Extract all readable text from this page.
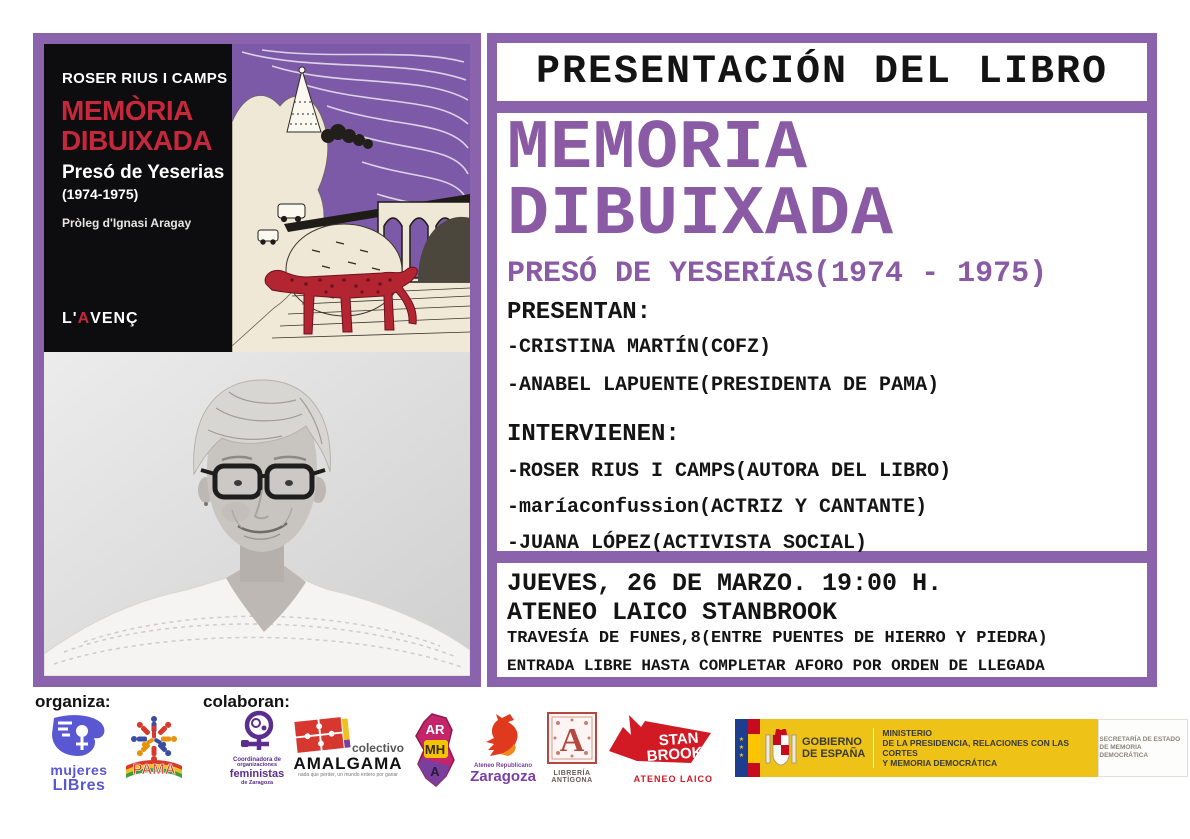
ROSER RIUS I CAMPS
MEMÒRIA
DIBUIXADA
Presó de Yeserias
(1974-1975)
Pròleg d'Ignasi Aragay
L'AVENÇ
PRESENTACIÓN DEL LIBRO
MEMORIA
DIBUIXADA
PRESÓ DE YESERÍAS(1974 - 1975)
PRESENTAN:
-CRISTINA MARTÍN(COFZ)
-ANABEL LAPUENTE(PRESIDENTA DE PAMA)
INTERVIENEN:
-ROSER RIUS I CAMPS(AUTORA DEL LIBRO)
-maríaconfussion(ACTRIZ Y CANTANTE)
-JUANA LÓPEZ(ACTIVISTA SOCIAL)
JUEVES, 26 DE MARZO. 19:00 H.
ATENEO LAICO STANBROOK
TRAVESÍA DE FUNES,8(ENTRE PUENTES DE HIERRO Y PIEDRA)
ENTRADA LIBRE HASTA COMPLETAR AFORO POR ORDEN DE LLEGADA
organiza:	colaboran:
mujeres
LIBres
PAMA
Coordinadora de
organizaciones
feministas
de Zaragoza
colectivo
AMALGAMA
nada que perder, un mundo entero por ganar
AR
MH
A	Ateneo Republicano
Zaragoza
A
LIBRERÍA
ANTÍGONA
STAN
BROOK
ATENEO LAICO
★
★
★
GOBIERNO
DE ESPAÑA
MINISTERIO
DE LA PRESIDENCIA, RELACIONES CON LAS CORTES
Y MEMORIA DEMOCRÁTICA
SECRETARÍA DE ESTADO
DE MEMORIA DEMOCRÁTICA
